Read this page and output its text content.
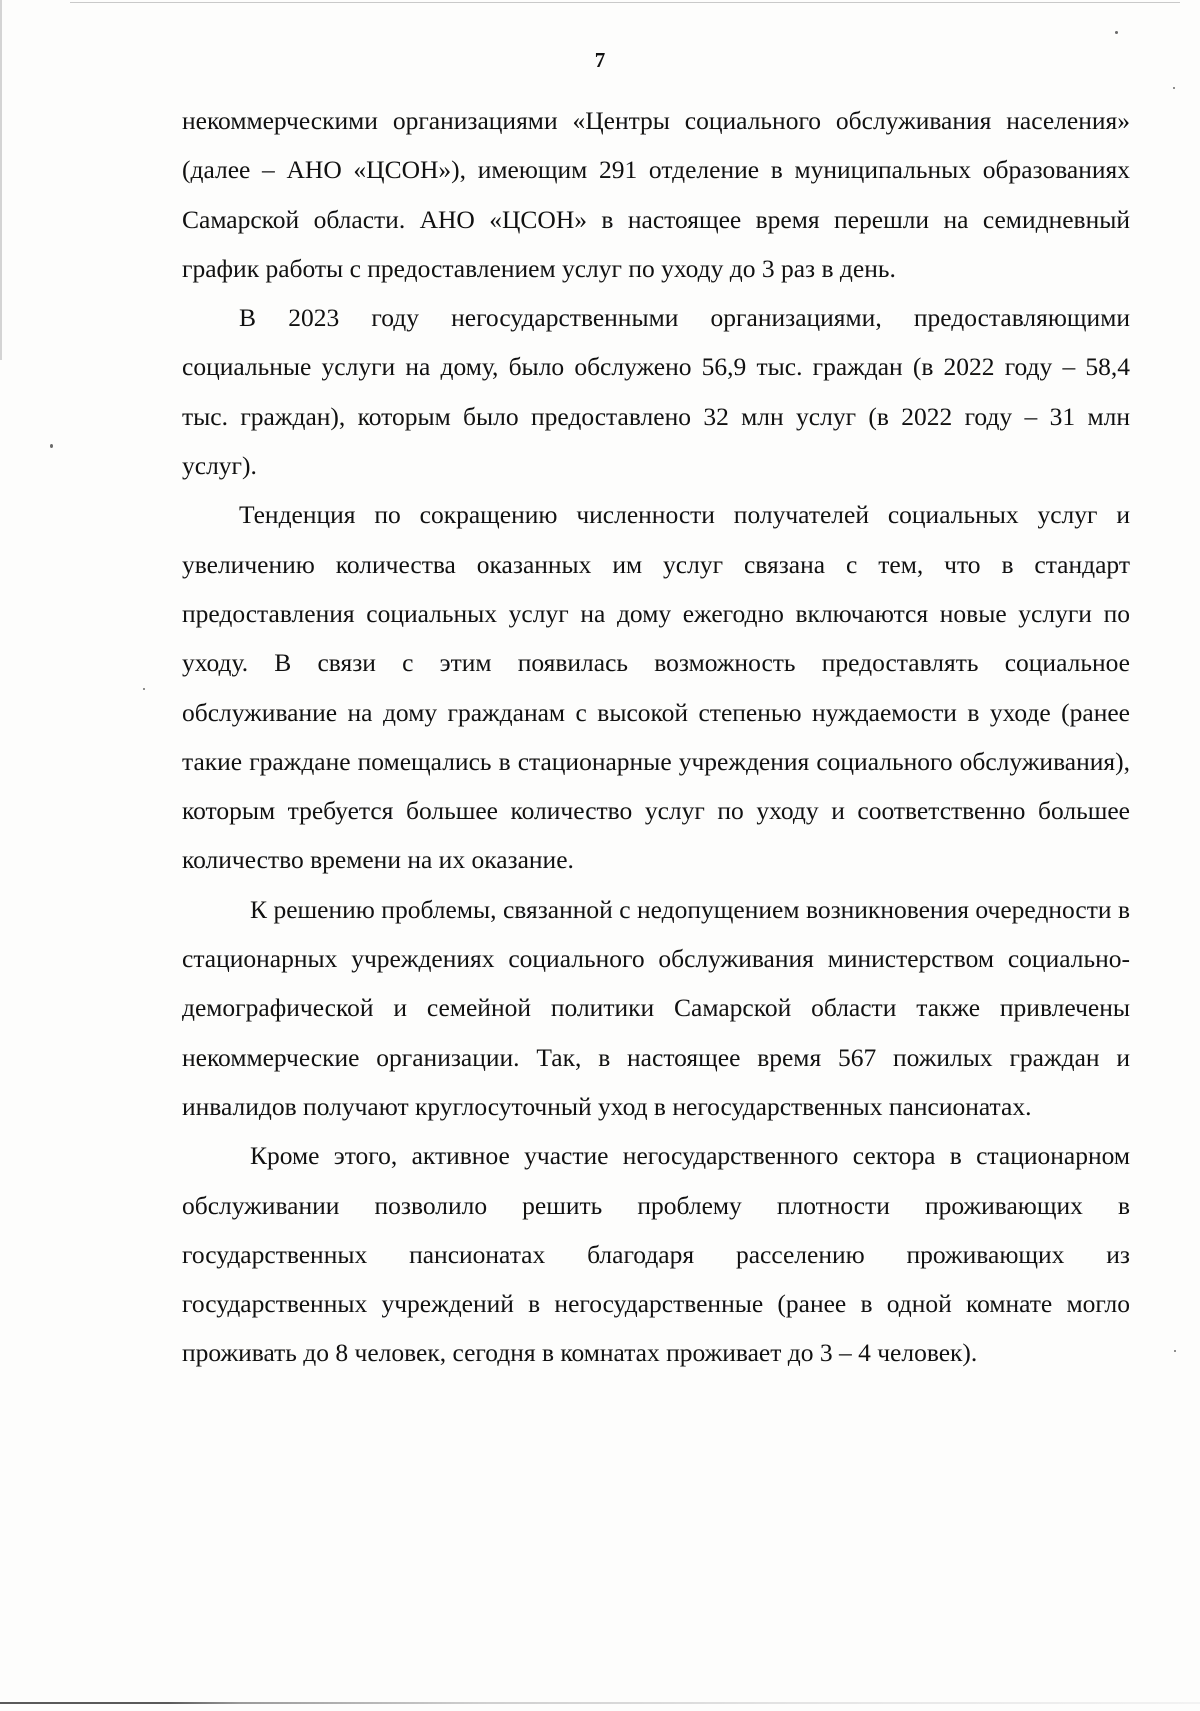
7

некоммерческими организациями «Центры социального обслуживания населения» (далее – АНО «ЦСОН»), имеющим 291 отделение в муниципальных образованиях Самарской области. АНО «ЦСОН» в настоящее время перешли на семидневный график работы с предоставлением услуг по уходу до 3 раз в день.

В 2023 году негосударственными организациями, предоставляющими социальные услуги на дому, было обслужено 56,9 тыс. граждан (в 2022 году – 58,4 тыс. граждан), которым было предоставлено 32 млн услуг (в 2022 году – 31 млн услуг).

Тенденция по сокращению численности получателей социальных услуг и увеличению количества оказанных им услуг связана с тем, что в стандарт предоставления социальных услуг на дому ежегодно включаются новые услуги по уходу. В связи с этим появилась возможность предоставлять социальное обслуживание на дому гражданам с высокой степенью нуждаемости в уходе (ранее такие граждане помещались в стационарные учреждения социального обслуживания), которым требуется большее количество услуг по уходу и соответственно большее количество времени на их оказание.

К решению проблемы, связанной с недопущением возникновения очередности в стационарных учреждениях социального обслуживания министерством социально-демографической и семейной политики Самарской области также привлечены некоммерческие организации. Так, в настоящее время 567 пожилых граждан и инвалидов получают круглосуточный уход в негосударственных пансионатах.

Кроме этого, активное участие негосударственного сектора в стационарном обслуживании позволило решить проблему плотности проживающих в государственных пансионатах благодаря расселению проживающих из государственных учреждений в негосударственные (ранее в одной комнате могло проживать до 8 человек, сегодня в комнатах проживает до 3 – 4 человек).
